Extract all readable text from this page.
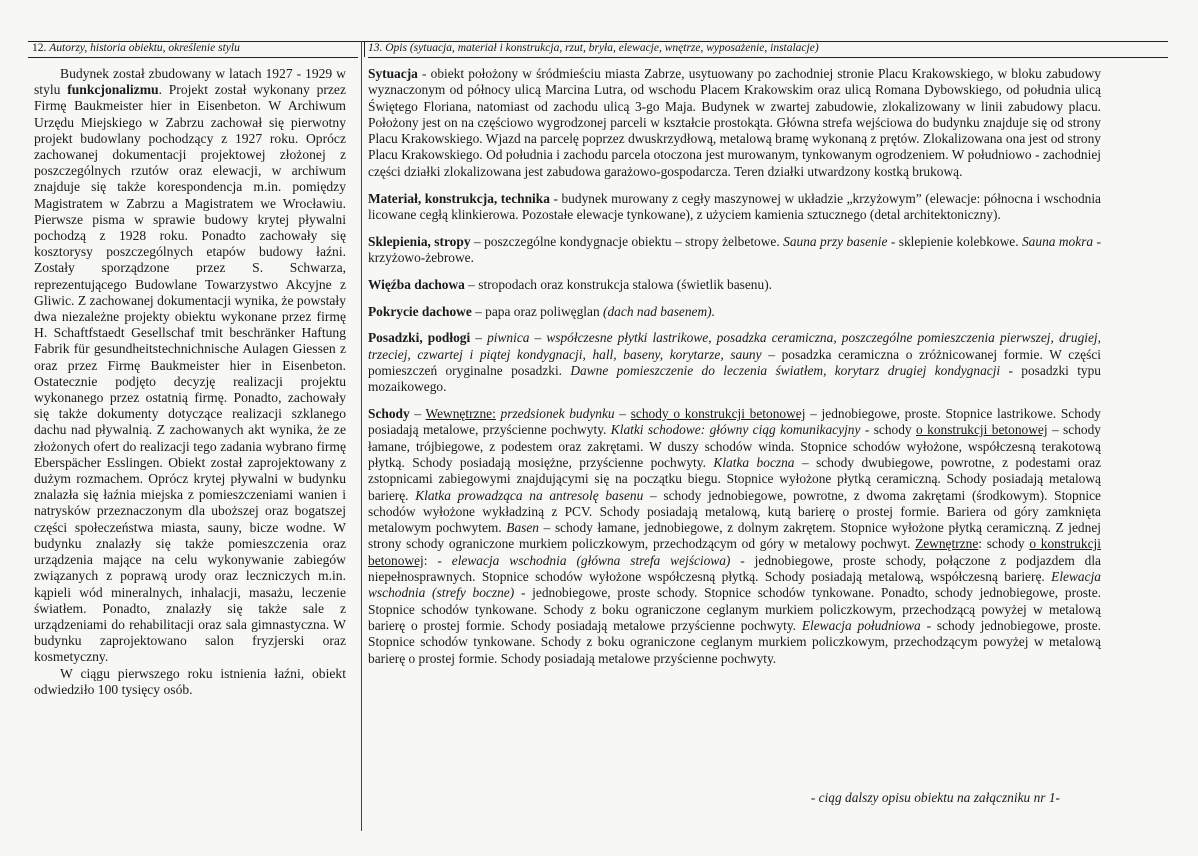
12. Autorzy, historia obiektu, określenie stylu	13. Opis (sytuacja, materiał i konstrukcja, rzut, bryła, elewacje, wnętrze, wyposażenie, instalacje)

Budynek został zbudowany w latach 1927 - 1929 w stylu funkcjonalizmu. Projekt został wykonany przez Firmę Baukmeister hier in Eisenbeton. W Archiwum Urzędu Miejskiego w Zabrzu zachował się pierwotny projekt budowlany pochodzący z 1927 roku. Oprócz zachowanej dokumentacji projektowej złożonej z poszczególnych rzutów oraz elewacji, w archiwum znajduje się także korespondencja m.in. pomiędzy Magistratem w Zabrzu a Magistratem we Wrocławiu. Pierwsze pisma w sprawie budowy krytej pływalni pochodzą z 1928 roku. Ponadto zachowały się kosztorysy poszczególnych etapów budowy łaźni. Zostały sporządzone przez S. Schwarza, reprezentującego Budowlane Towarzystwo Akcyjne z Gliwic. Z zachowanej dokumentacji wynika, że powstały dwa niezależne projekty obiektu wykonane przez firmę H. Schaftfstaedt Gesellschaf tmit beschränker Haftung Fabrik für gesundheitstechnichnische Aulagen Giessen z oraz przez Firmę Baukmeister hier in Eisenbeton. Ostatecznie podjęto decyzję realizacji projektu wykonanego przez ostatnią firmę. Ponadto, zachowały się także dokumenty dotyczące realizacji szklanego dachu nad pływalnią. Z zachowanych akt wynika, że ze złożonych ofert do realizacji tego zadania wybrano firmę Eberspächer Esslingen. Obiekt został zaprojektowany z dużym rozmachem. Oprócz krytej pływalni w budynku znalazła się łaźnia miejska z pomieszczeniami wanien i natrysków przeznaczonym dla uboższej oraz bogatszej części społeczeństwa miasta, sauny, bicze wodne. W budynku znalazły się także pomieszczenia oraz urządzenia mające na celu wykonywanie zabiegów związanych z poprawą urody oraz leczniczych m.in. kąpieli wód mineralnych, inhalacji, masażu, leczenie światłem. Ponadto, znalazły się także sale z urządzeniami do rehabilitacji oraz sala gimnastyczna. W budynku zaprojektowano salon fryzjerski oraz kosmetyczny.

W ciągu pierwszego roku istnienia łaźni, obiekt odwiedziło 100 tysięcy osób.

Sytuacja - obiekt położony w śródmieściu miasta Zabrze, usytuowany po zachodniej stronie Placu Krakowskiego, w bloku zabudowy wyznaczonym od północy ulicą Marcina Lutra, od wschodu Placem Krakowskim oraz ulicą Romana Dybowskiego, od południa ulicą Świętego Floriana, natomiast od zachodu ulicą 3-go Maja. Budynek w zwartej zabudowie, zlokalizowany w linii zabudowy placu. Położony jest on na częściowo wygrodzonej parceli w kształcie prostokąta. Główna strefa wejściowa do budynku znajduje się od strony Placu Krakowskiego. Wjazd na parcelę poprzez dwuskrzydłową, metalową bramę wykonaną z prętów. Zlokalizowana ona jest od strony Placu Krakowskiego. Od południa i zachodu parcela otoczona jest murowanym, tynkowanym ogrodzeniem. W południowo - zachodniej części działki zlokalizowana jest zabudowa garażowo-gospodarcza. Teren działki utwardzony kostką brukową.

Materiał, konstrukcja, technika - budynek murowany z cegły maszynowej w układzie „krzyżowym” (elewacje: północna i wschodnia licowane cegłą klinkierowa. Pozostałe elewacje tynkowane), z użyciem kamienia sztucznego (detal architektoniczny).

Sklepienia, stropy – poszczególne kondygnacje obiektu – stropy żelbetowe. Sauna przy basenie - sklepienie kolebkowe. Sauna mokra - krzyżowo-żebrowe.

Więźba dachowa – stropodach oraz konstrukcja stalowa (świetlik basenu).

Pokrycie dachowe – papa oraz poliwęglan (dach nad basenem).

Posadzki, podłogi – piwnica – współczesne płytki lastrikowe, posadzka ceramiczna, poszczególne pomieszczenia pierwszej, drugiej, trzeciej, czwartej i piątej kondygnacji, hall, baseny, korytarze, sauny – posadzka ceramiczna o zróżnicowanej formie. W części pomieszczeń oryginalne posadzki. Dawne pomieszczenie do leczenia światłem, korytarz drugiej kondygnacji - posadzki typu mozaikowego.

Schody – Wewnętrzne: przedsionek budynku – schody o konstrukcji betonowej – jednobiegowe, proste. Stopnice lastrikowe. Schody posiadają metalowe, przyścienne pochwyty. Klatki schodowe: główny ciąg komunikacyjny - schody o konstrukcji betonowej – schody łamane, trójbiegowe, z podestem oraz zakrętami. W duszy schodów winda. Stopnice schodów wyłożone, współczesną terakotową płytką. Schody posiadają mosiężne, przyścienne pochwyty. Klatka boczna – schody dwubiegowe, powrotne, z podestami oraz zstopnicami zabiegowymi znajdującymi się na początku biegu. Stopnice wyłożone płytką ceramiczną. Schody posiadają metalową barierę. Klatka prowadząca na antresolę basenu – schody jednobiegowe, powrotne, z dwoma zakrętami (środkowym). Stopnice schodów wyłożone wykładziną z PCV. Schody posiadają metalową, kutą barierę o prostej formie. Bariera od góry zamknięta metalowym pochwytem. Basen – schody łamane, jednobiegowe, z dolnym zakrętem. Stopnice wyłożone płytką ceramiczną. Z jednej strony schody ograniczone murkiem policzkowym, przechodzącym od góry w metalowy pochwyt. Zewnętrzne: schody o konstrukcji betonowej: - elewacja wschodnia (główna strefa wejściowa) - jednobiegowe, proste schody, połączone z podjazdem dla niepełnosprawnych. Stopnice schodów wyłożone współczesną płytką. Schody posiadają metalową, współczesną barierę. Elewacja wschodnia (strefy boczne) - jednobiegowe, proste schody. Stopnice schodów tynkowane. Ponadto, schody jednobiegowe, proste. Stopnice schodów tynkowane. Schody z boku ograniczone ceglanym murkiem policzkowym, przechodzącą powyżej w metalową barierę o prostej formie. Schody posiadają metalowe przyścienne pochwyty. Elewacja południowa - schody jednobiegowe, proste. Stopnice schodów tynkowane. Schody z boku ograniczone ceglanym murkiem policzkowym, przechodzącym powyżej w metalową barierę o prostej formie. Schody posiadają metalowe przyścienne pochwyty.

- ciąg dalszy opisu obiektu na załączniku nr 1-
